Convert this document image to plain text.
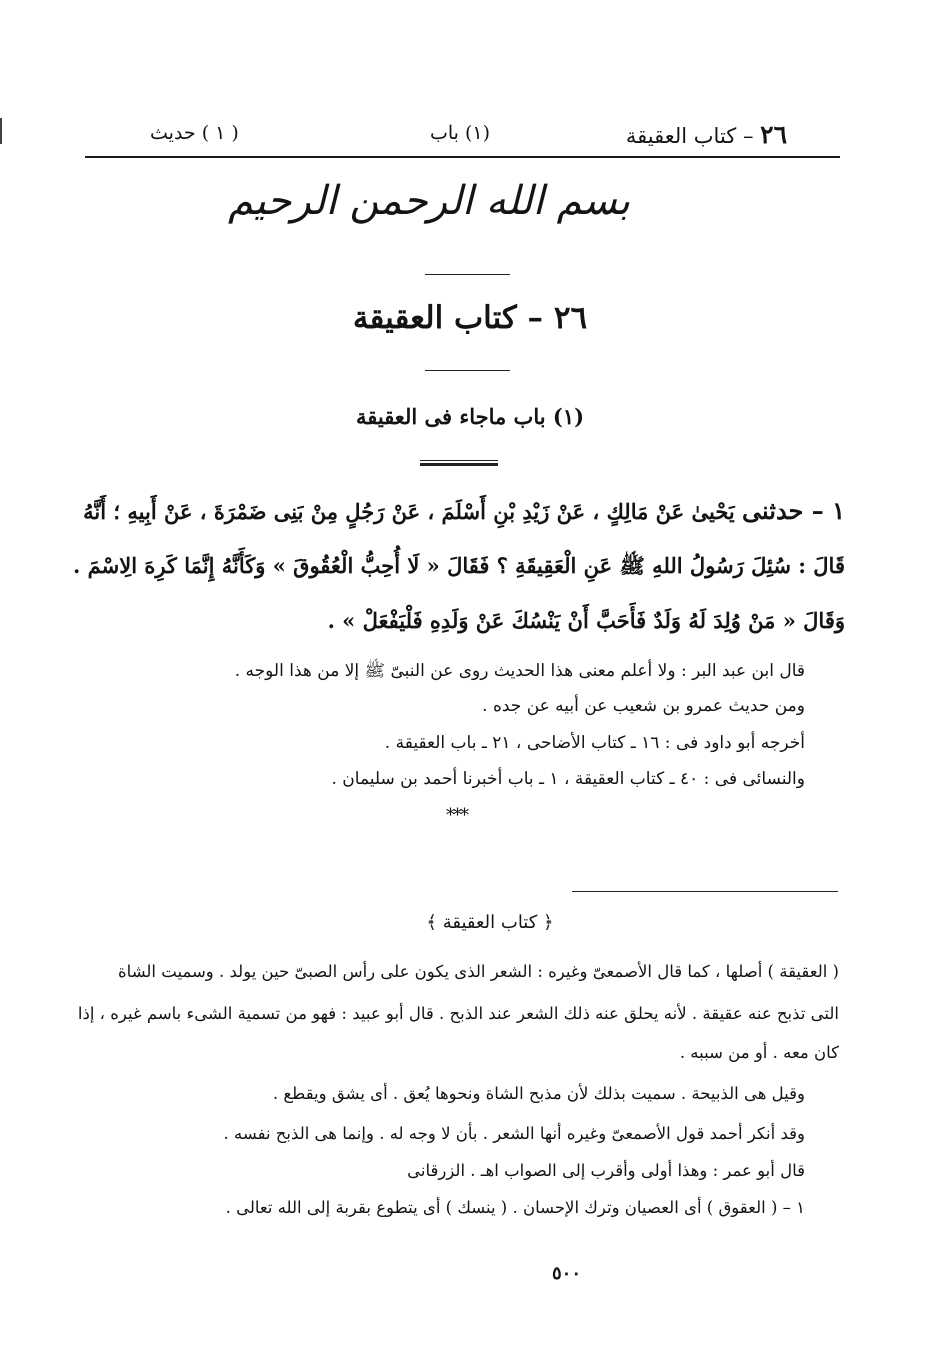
٢٦ – كتاب العقيقة
(١) باب
( ١ ) حديث
بسم الله الرحمن الرحيم
٢٦ – كتاب العقيقة
(١) باب ماجاء فى العقيقة
١ – حدثنى يَحْيىٰ عَنْ مَالِكٍ ، عَنْ زَيْدِ بْنِ أَسْلَمَ ، عَنْ رَجُلٍ مِنْ بَنِى ضَمْرَةَ ، عَنْ أَبِيهِ ؛ أَنَّهُ
قَالَ : سُئِلَ رَسُولُ اللهِ ﷺ عَنِ الْعَقِيقَةِ ؟ فَقَالَ « لَا أُحِبُّ الْعُقُوقَ » وَكَأَنَّهُ إِنَّمَا كَرِهَ الِاسْمَ .
وَقَالَ « مَنْ وُلِدَ لَهُ وَلَدٌ فَأَحَبَّ أَنْ يَنْسُكَ عَنْ وَلَدِهِ فَلْيَفْعَلْ » .
قال ابن عبد البر : ولا أعلم معنى هذا الحديث روى عن النبىّ ﷺ إلا من هذا الوجه .
ومن حديث عمرو بن شعيب عن أبيه عن جده .
أخرجه أبو داود فى : ١٦ ـ كتاب الأضاحى ، ٢١ ـ باب العقيقة .
والنسائى فى : ٤٠ ـ كتاب العقيقة ، ١ ـ باب أخبرنا أحمد بن سليمان .
***
﴿ كتاب العقيقة ﴾
( العقيقة ) أصلها ، كما قال الأصمعىّ وغيره : الشعر الذى يكون على رأس الصبىّ حين يولد . وسميت الشاة
التى تذبح عنه عقيقة . لأنه يحلق عنه ذلك الشعر عند الذبح . قال أبو عبيد : فهو من تسمية الشىء باسم غيره ، إذا
كان معه . أو من سببه .
وقيل هى الذبيحة . سميت بذلك لأن مذبح الشاة ونحوها يُعق . أى يشق ويقطع .
وقد أنكر أحمد قول الأصمعىّ وغيره أنها الشعر . بأن لا وجه له . وإنما هى الذبح نفسه .
قال أبو عمر : وهذا أولى وأقرب إلى الصواب اهـ . الزرقانى
١ – ( العقوق ) أى العصيان وترك الإحسان . ( ينسك ) أى يتطوع بقربة إلى الله تعالى .
٥٠٠
